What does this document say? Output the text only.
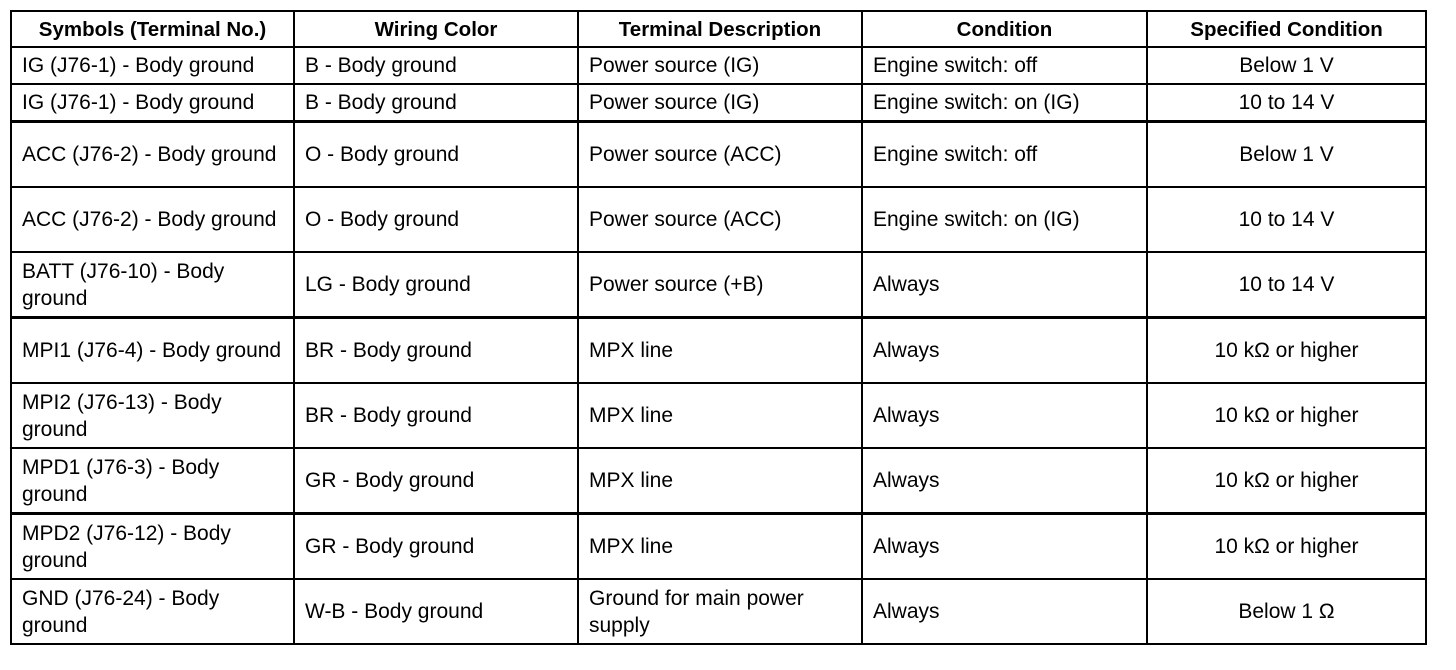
Symbols (Terminal No.)	Wiring Color	Terminal Description	Condition	Specified Condition
IG (J76-1) - Body ground	B - Body ground	Power source (IG)	Engine switch: off	Below 1 V
IG (J76-1) - Body ground	B - Body ground	Power source (IG)	Engine switch: on (IG)	10 to 14 V
ACC (J76-2) - Body ground	O - Body ground	Power source (ACC)	Engine switch: off	Below 1 V
ACC (J76-2) - Body ground	O - Body ground	Power source (ACC)	Engine switch: on (IG)	10 to 14 V
BATT (J76-10) - Body ground	LG - Body ground	Power source (+B)	Always	10 to 14 V
MPI1 (J76-4) - Body ground	BR - Body ground	MPX line	Always	10 kΩ or higher
MPI2 (J76-13) - Body ground	BR - Body ground	MPX line	Always	10 kΩ or higher
MPD1 (J76-3) - Body ground	GR - Body ground	MPX line	Always	10 kΩ or higher
MPD2 (J76-12) - Body ground	GR - Body ground	MPX line	Always	10 kΩ or higher
GND (J76-24) - Body ground	W-B - Body ground	Ground for main power supply	Always	Below 1 Ω
